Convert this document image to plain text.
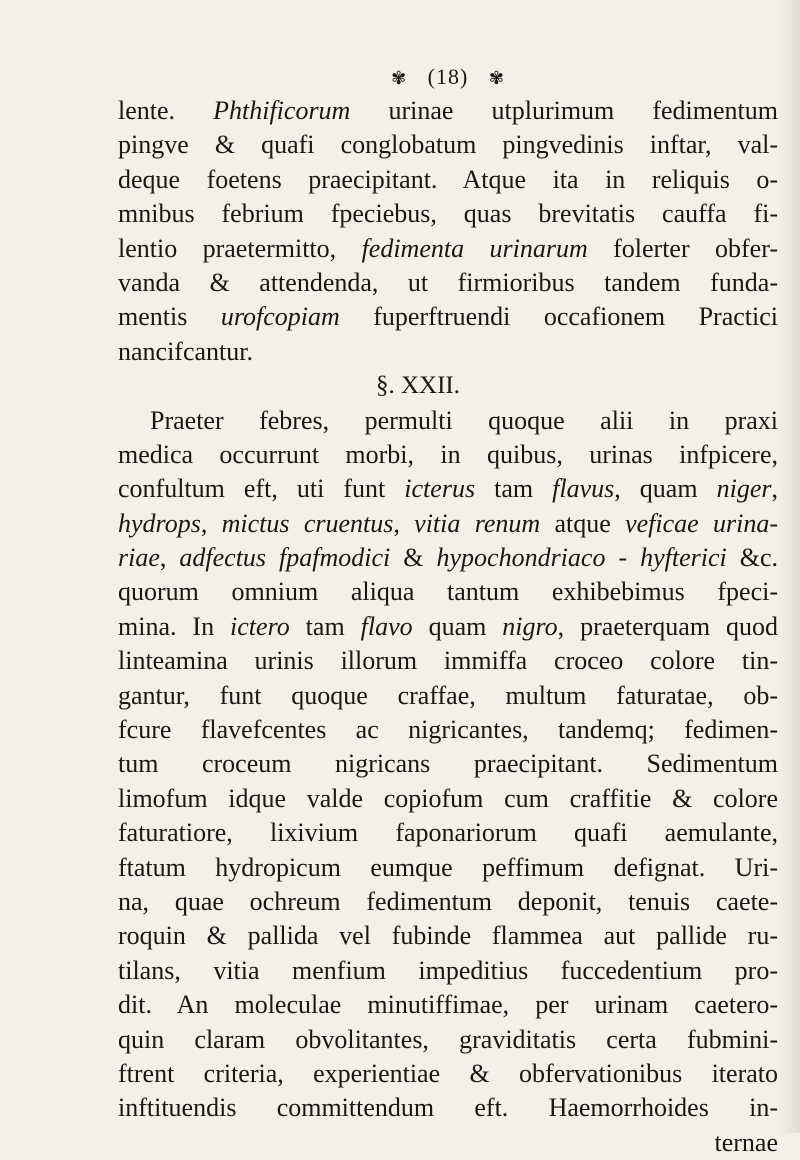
✾ (18) ✾
lente. Phthificorum urinae utplurimum fedimentum
pingve & quafi conglobatum pingvedinis inftar, val-
deque foetens praecipitant. Atque ita in reliquis o-
mnibus febrium fpeciebus, quas brevitatis cauffa fi-
lentio praetermitto, fedimenta urinarum folerter obfer-
vanda & attendenda, ut firmioribus tandem funda-
mentis urofcopiam fuperftruendi occafionem Practici
nancifcantur.
§. XXII.
Praeter febres, permulti quoque alii in praxi
medica occurrunt morbi, in quibus, urinas infpicere,
confultum eft, uti funt icterus tam flavus, quam niger,
hydrops, mictus cruentus, vitia renum atque veficae urina-
riae, adfectus fpafmodici & hypochondriaco - hyfterici &c.
quorum omnium aliqua tantum exhibebimus fpeci-
mina. In ictero tam flavo quam nigro, praeterquam quod
linteamina urinis illorum immiffa croceo colore tin-
gantur, funt quoque craffae, multum faturatae, ob-
fcure flavefcentes ac nigricantes, tandemq; fedimen-
tum croceum nigricans praecipitant. Sedimentum
limofum idque valde copiofum cum craffitie & colore
faturatiore, lixivium faponariorum quafi aemulante,
ftatum hydropicum eumque peffimum defignat. Uri-
na, quae ochreum fedimentum deponit, tenuis caete-
roquin & pallida vel fubinde flammea aut pallide ru-
tilans, vitia menfium impeditius fuccedentium pro-
dit. An moleculae minutiffimae, per urinam caetero-
quin claram obvolitantes, graviditatis certa fubmini-
ftrent criteria, experientiae & obfervationibus iterato
inftituendis committendum eft. Haemorrhoides in-
ternae
